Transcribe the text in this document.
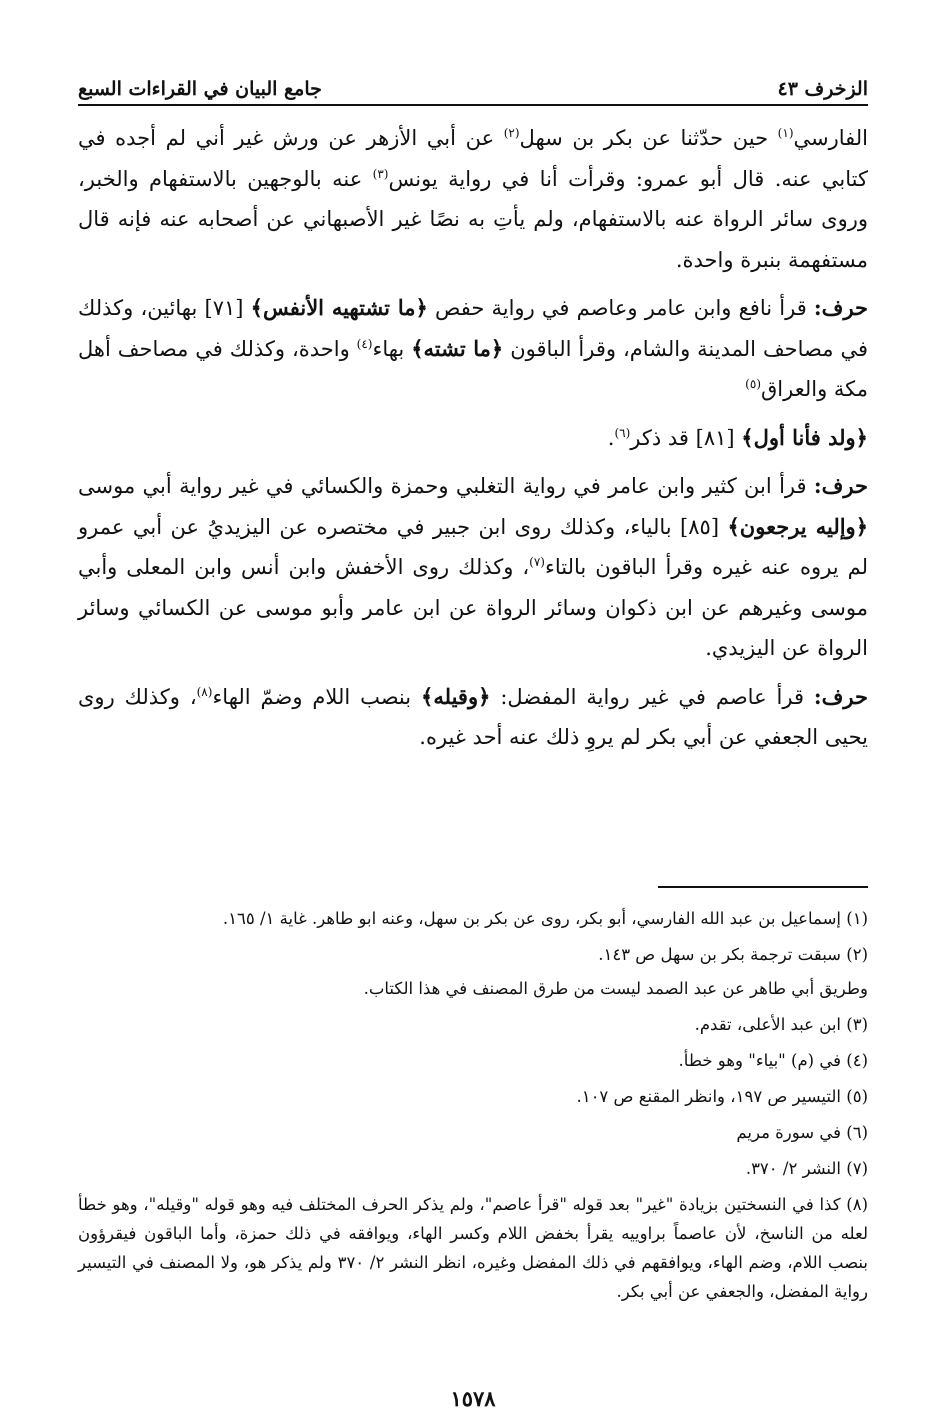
الزخرف ٤٣
جامع البيان في القراءات السبع

الفارسي$^{(١)}$ حين حدّثنا عن بكر بن سهل$^{(٢)}$ عن أبي الأزهر عن ورش غير أني لم أجده في كتابي عنه. قال أبو عمرو: وقرأت أنا في رواية يونس$^{(٣)}$ عنه بالوجهين بالاستفهام والخبر، وروى سائر الرواة عنه بالاستفهام، ولم يأتِ به نصًا غير الأصبهاني عن أصحابه عنه فإنه قال مستفهمة بنبرة واحدة.

حرف: قرأ نافع وابن عامر وعاصم في رواية حفص ﴿ما تشتهيه الأنفس﴾ [٧١] بهائين، وكذلك في مصاحف المدينة والشام، وقرأ الباقون ﴿ما تشته﴾ بهاء$^{(٤)}$ واحدة، وكذلك في مصاحف أهل مكة والعراق$^{(٥)}$

﴿ولد فأنا أول﴾ [٨١] قد ذكر$^{(٦)}$.

حرف: قرأ ابن كثير وابن عامر في رواية التغلبي وحمزة والكسائي في غير رواية أبي موسى ﴿وإليه يرجعون﴾ [٨٥] بالياء، وكذلك روى ابن جبير في مختصره عن اليزيديُ عن أبي عمرو لم يروه عنه غيره وقرأ الباقون بالتاء$^{(٧)}$، وكذلك روى الأخفش وابن أنس وابن المعلى وأبي موسى وغيرهم عن ابن ذكوان وسائر الرواة عن ابن عامر وأبو موسى عن الكسائي وسائر الرواة عن اليزيدي.

حرف: قرأ عاصم في غير رواية المفضل: ﴿وقيله﴾ بنصب اللام وضمّ الهاء$^{(٨)}$، وكذلك روى يحيى الجعفي عن أبي بكر لم يروِ ذلك عنه أحد غيره.

(١) إسماعيل بن عبد الله الفارسي، أبو بكر، روى عن بكر بن سهل، وعنه ابو طاهر. غاية ١/ ١٦٥.
(٢) سبقت ترجمة بكر بن سهل ص ١٤٣.
وطريق أبي طاهر عن عبد الصمد ليست من طرق المصنف في هذا الكتاب.
(٣) ابن عبد الأعلى، تقدم.
(٤) في (م) "بياء" وهو خطأ.
(٥) التيسير ص ١٩٧، وانظر المقنع ص ١٠٧.
(٦) في سورة مريم
(٧) النشر ٢/ ٣٧٠.
(٨) كذا في النسختين بزيادة "غير" بعد قوله "قرأ عاصم"، ولم يذكر الحرف المختلف فيه وهو قوله "وقيله"، وهو خطأ لعله من الناسخ، لأن عاصماً براوييه يقرأ بخفض اللام وكسر الهاء، ويوافقه في ذلك حمزة، وأما الباقون فيقرؤون بنصب اللام، وضم الهاء، ويوافقهم في ذلك المفضل وغيره، انظر النشر ٢/ ٣٧٠ ولم يذكر هو، ولا المصنف في التيسير رواية المفضل، والجعفي عن أبي بكر.
١٥٧٨
